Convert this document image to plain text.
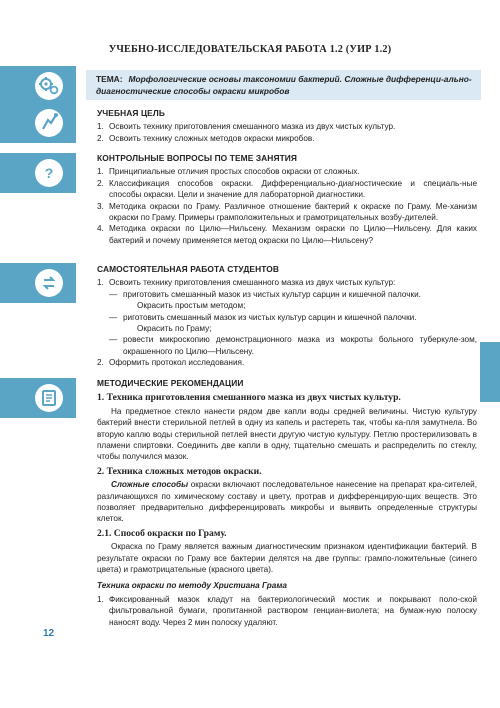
УЧЕБНО-ИССЛЕДОВАТЕЛЬСКАЯ РАБОТА 1.2 (УИР 1.2)
?
ТЕМА: Морфологические основы таксономии бактерий. Сложные дифференци-ально-диагностические способы окраски микробов
УЧЕБНАЯ ЦЕЛЬ
1. Освоить технику приготовления смешанного мазка из двух чистых культур.
2. Освоить технику сложных методов окраски микробов.
КОНТРОЛЬНЫЕ ВОПРОСЫ ПО ТЕМЕ ЗАНЯТИЯ
1. Принципиальные отличия простых способов окраски от сложных.
2. Классификация способов окраски. Дифференциально-диагностические и специаль-ные способы окраски. Цели и значение для лабораторной диагностики.
3. Методика окраски по Граму. Различное отношение бактерий к окраске по Граму. Ме-ханизм окраски по Граму. Примеры грамположительных и грамотрицательных возбу-дителей.
4. Методика окраски по Цилю—Нильсену. Механизм окраски по Цилю—Нильсену. Для каких бактерий и почему применяется метод окраски по Цилю—Нильсену?
САМОСТОЯТЕЛЬНАЯ РАБОТА СТУДЕНТОВ
1. Освоить технику приготовления смешанного мазка из двух чистых культур:
— приготовить смешанный мазок из чистых культур сарцин и кишечной палочки.
Окрасить простым методом;
— риготовить смешанный мазок из чистых культур сарцин и кишечной палочки.
Окрасить по Граму;
— ровести микроскопию демонстрационного мазка из мокроты больного туберкуле-зом, окрашенного по Цилю—Нильсену.
2. Оформить протокол исследования.
МЕТОДИЧЕСКИЕ РЕКОМЕНДАЦИИ
1. Техника приготовления смешанного мазка из двух чистых культур.
На предметное стекло нанести рядом две капли воды средней величины. Чистую культуру бактерий внести стерильной петлей в одну из капель и растереть так, чтобы ка-пля замутнела. Во вторую каплю воды стерильной петлей внести другую чистую культуру. Петлю простерилизовать в пламени спиртовки. Соединить две капли в одну, тщательно смешать и распределить по стеклу, чтобы получился мазок.
2. Техника сложных методов окраски.
Сложные способы окраски включают последовательное нанесение на препарат кра-сителей, различающихся по химическому составу и цвету, протрав и дифференцирую-щих веществ. Это позволяет предварительно дифференцировать микробы и выявить определенные структуры клеток.
2.1. Способ окраски по Граму.
Окраска по Граму является важным диагностическим признаком идентификации бактерий. В результате окраски по Граму все бактерии делятся на две группы: грампо-ложительные (синего цвета) и грамотрицательные (красного цвета).
Техника окраски по методу Христиана Грама
1. Фиксированный мазок кладут на бактериологический мостик и покрывают поло-ской фильтровальной бумаги, пропитанной раствором генциан-виолета; на бумаж-ную полоску наносят воду. Через 2 мин полоску удаляют.
12
